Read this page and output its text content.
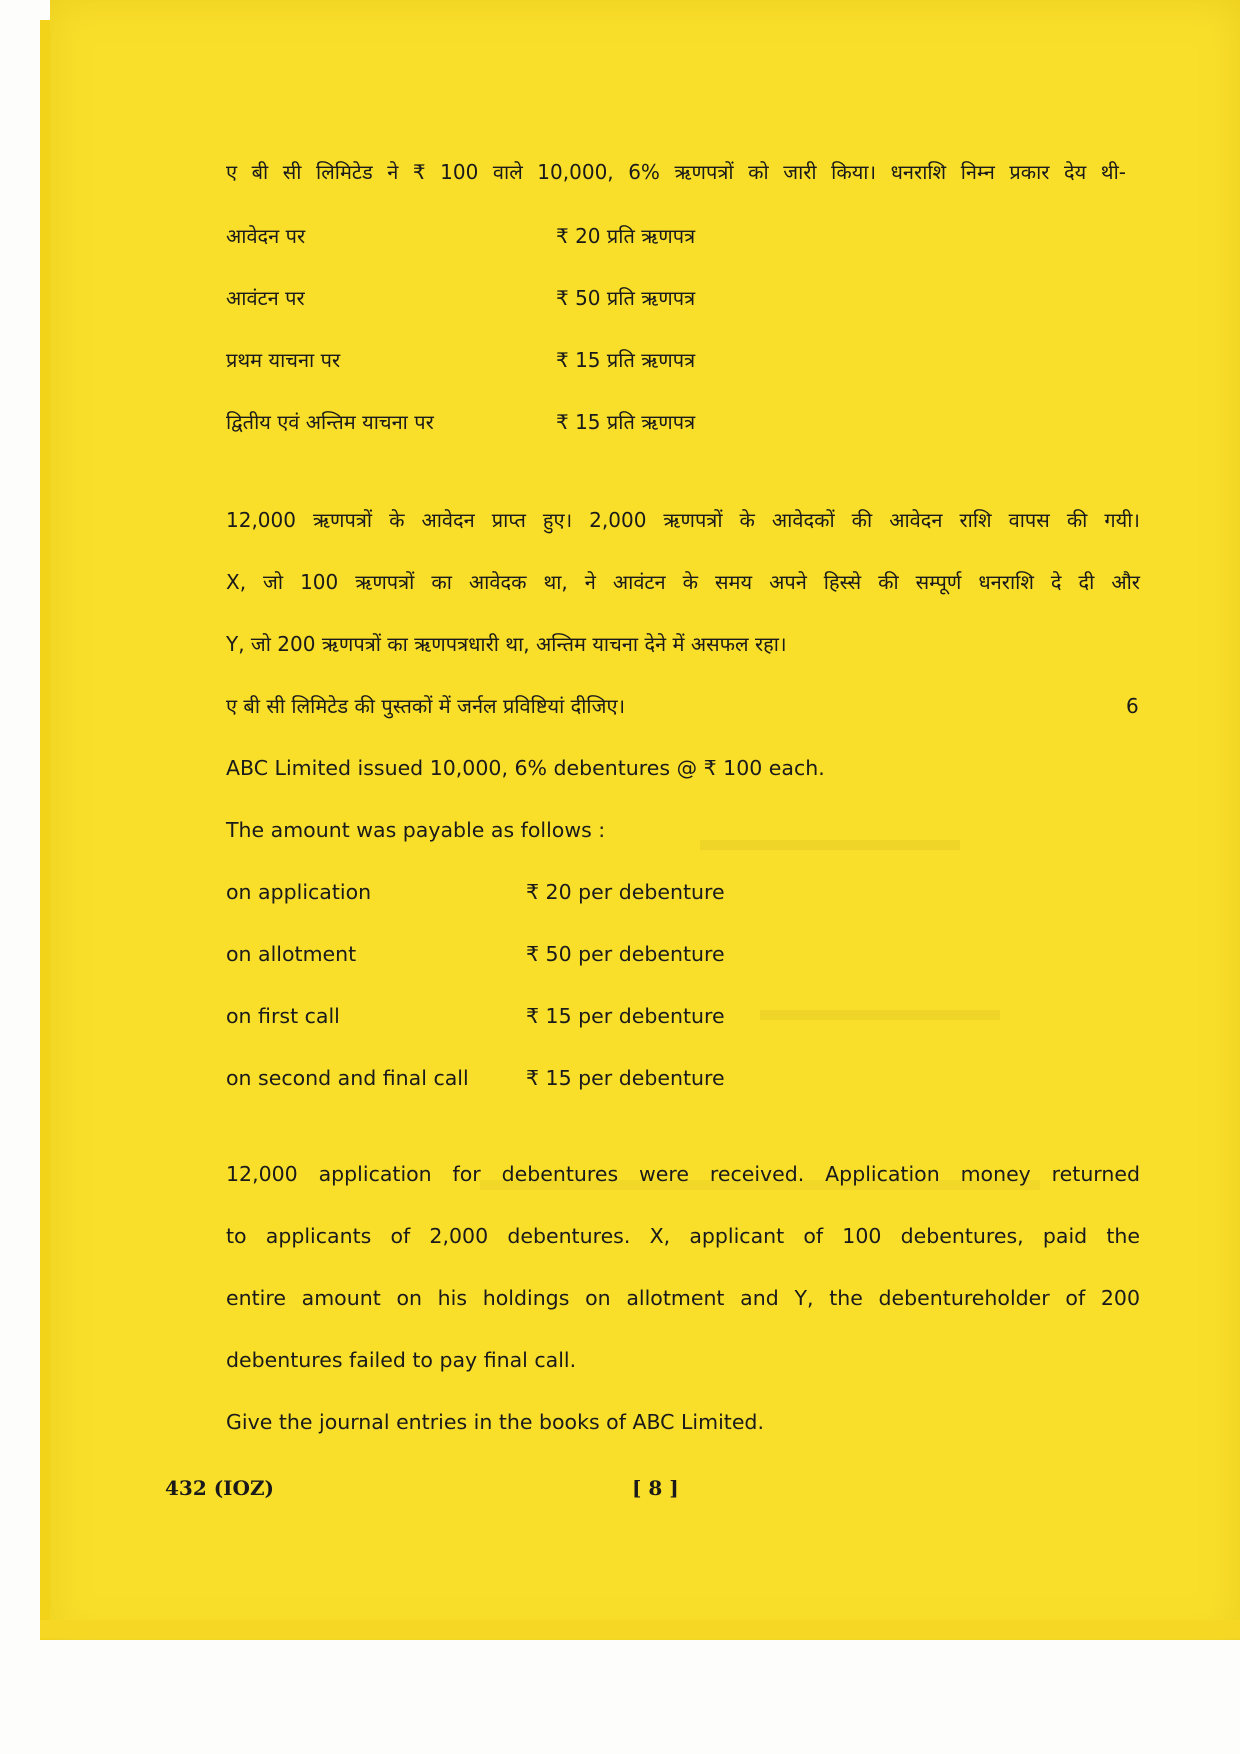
ए बी सी लिमिटेड ने ₹ 100 वाले 10,000, 6% ऋणपत्रों को जारी किया। धनराशि निम्न प्रकार देय थी-
आवेदन पर	₹ 20 प्रति ऋणपत्र
आवंटन पर	₹ 50 प्रति ऋणपत्र
प्रथम याचना पर	₹ 15 प्रति ऋणपत्र
द्वितीय एवं अन्तिम याचना पर	₹ 15 प्रति ऋणपत्र
12,000 ऋणपत्रों के आवेदन प्राप्त हुए। 2,000 ऋणपत्रों के आवेदकों की आवेदन राशि वापस की गयी।
X, जो 100 ऋणपत्रों का आवेदक था, ने आवंटन के समय अपने हिस्से की सम्पूर्ण धनराशि दे दी और
Y, जो 200 ऋणपत्रों का ऋणपत्रधारी था, अन्तिम याचना देने में असफल रहा।
ए बी सी लिमिटेड की पुस्तकों में जर्नल प्रविष्टियां दीजिए।	6
ABC Limited issued 10,000, 6% debentures @ ₹ 100 each.
The amount was payable as follows :
on application	₹ 20 per debenture
on allotment	₹ 50 per debenture
on first call	₹ 15 per debenture
on second and final call	₹ 15 per debenture
12,000 application for debentures were received. Application money returned
to applicants of 2,000 debentures. X, applicant of 100 debentures, paid the
entire amount on his holdings on allotment and Y, the debentureholder of 200
debentures failed to pay final call.
Give the journal entries in the books of ABC Limited.
432 (IOZ)	[ 8 ]
